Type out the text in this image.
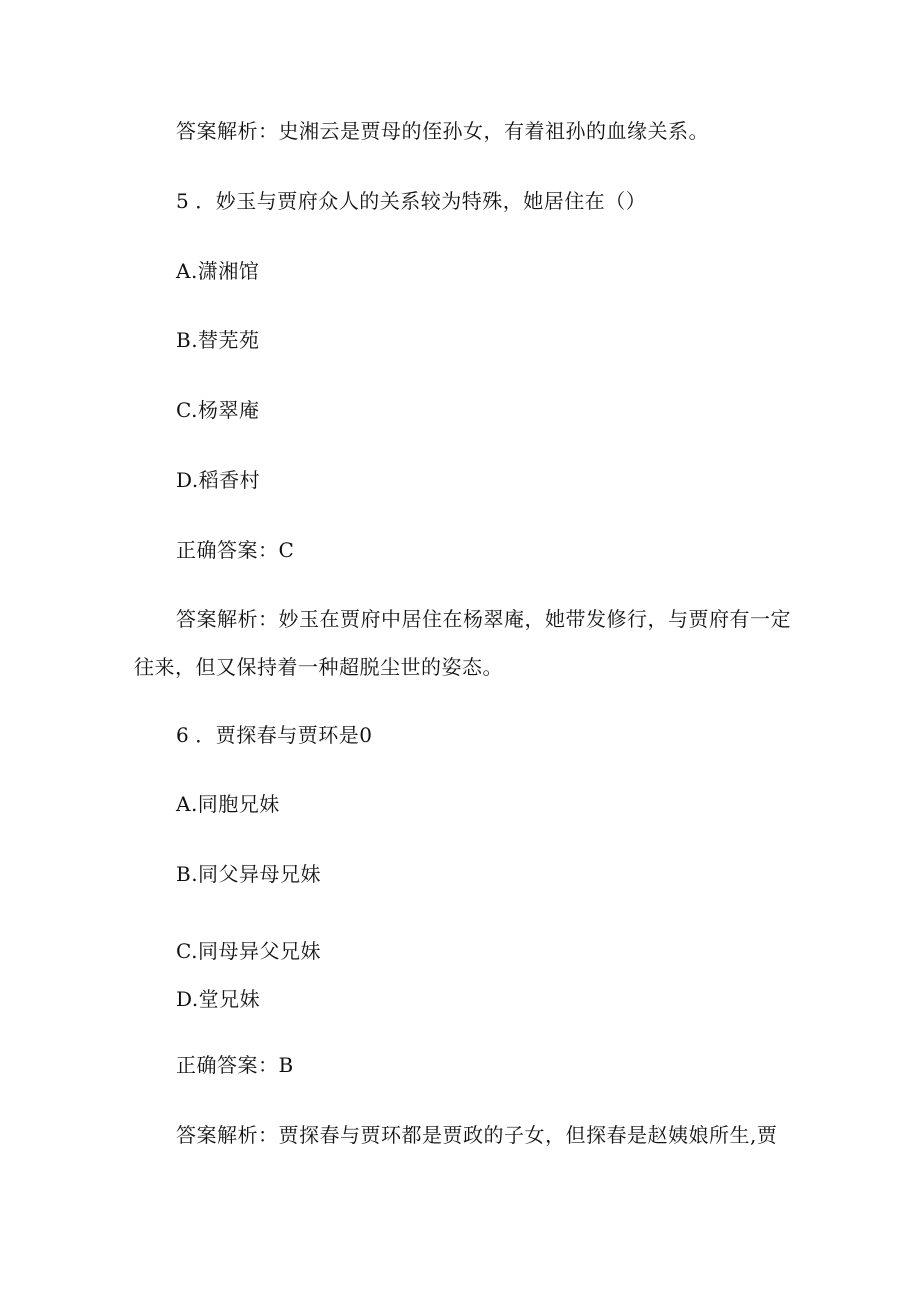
答案解析：史湘云是贾母的侄孙女，有着祖孙的血缘关系。
5 ．妙玉与贾府众人的关系较为特殊，她居住在（）
A.潇湘馆
B.替芜苑
C.杨翠庵
D.稻香村
正确答案：C
答案解析：妙玉在贾府中居住在杨翠庵，她带发修行，与贾府有一定
往来，但又保持着一种超脱尘世的姿态。
6 ．贾探春与贾环是0
A.同胞兄妹
B.同父异母兄妹
C.同母异父兄妹
D.堂兄妹
正确答案：B
答案解析：贾探春与贾环都是贾政的子女，但探春是赵姨娘所生,贾
